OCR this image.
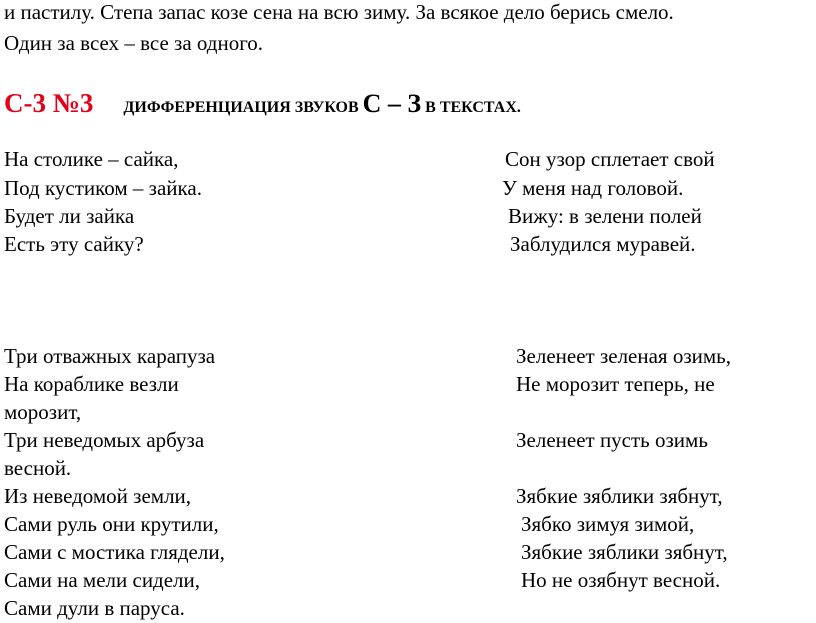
и пастилу. Степа запас козе сена на всю зиму. За всякое дело берись смело.
Один за всех – все за одного.
С-3 №3 ДИФФЕРЕНЦИАЦИЯ ЗВУКОВ С – З В ТЕКСТАХ.
На столике – сайка,
Под кустиком – зайка.
Будет ли зайка
Есть эту сайку?
Сон узор сплетает свой
У меня над головой.
Вижу: в зелени полей
Заблудился муравей.
Три отважных карапуза
На кораблике везли
морозит,
Три неведомых арбуза
весной.
Из неведомой земли,
Сами руль они крутили,
Сами с мостика глядели,
Сами на мели сидели,
Сами дули в паруса.
Зеленеет зеленая озимь,
Не морозит теперь, не
Зеленеет пусть озимь
Зябкие зяблики зябнут,
Зябко зимуя зимой,
Зябкие зяблики зябнут,
Но не озябнут весной.
